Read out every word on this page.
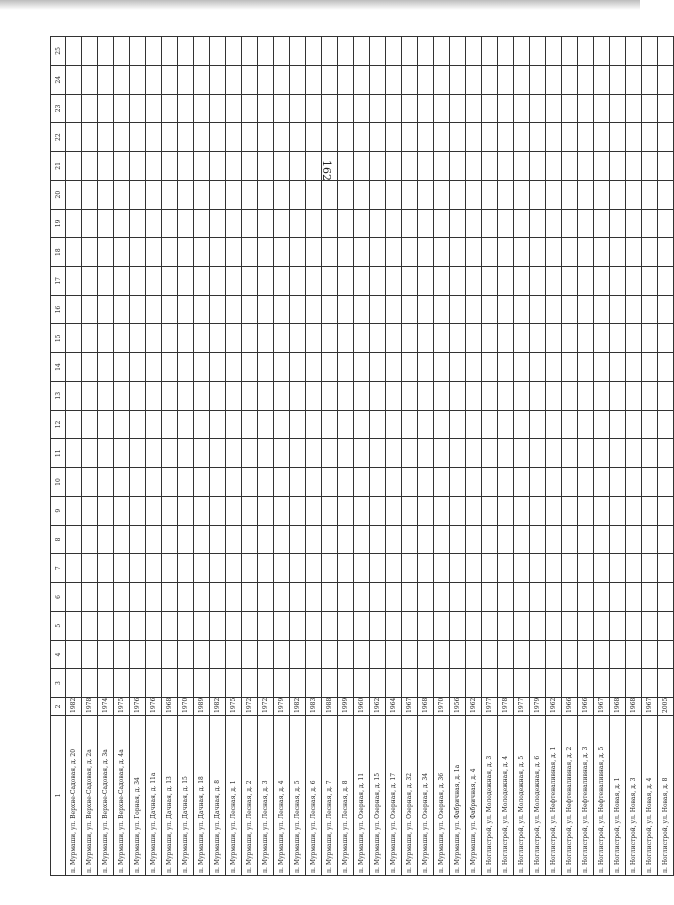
162
1	2	3	4	5	6	7	8	9	10	11	12	13	14	15	16	17	18	19	20	21	22	23	24	25
п. Мурмаши, ул. Верхне-Садовая, д. 20	1982																							
п. Мурмаши, ул. Верхне-Садовая, д. 2а	1978																							
п. Мурмаши, ул. Верхне-Садовая, д. 3а	1974																							
п. Мурмаши, ул. Верхне-Садовая, д. 4а	1975																							
п. Мурмаши, ул. Горная, д. 34	1976																							
п. Мурмаши, ул. Дачная, д. 11а	1976																							
п. Мурмаши, ул. Дачная, д. 13	1968																							
п. Мурмаши, ул. Дачная, д. 15	1970																							
п. Мурмаши, ул. Дачная, д. 18	1989																							
п. Мурмаши, ул. Дачная, д. 8	1982																							
п. Мурмаши, ул. Лесная, д. 1	1975																							
п. Мурмаши, ул. Лесная, д. 2	1972																							
п. Мурмаши, ул. Лесная, д. 3	1972																							
п. Мурмаши, ул. Лесная, д. 4	1979																							
п. Мурмаши, ул. Лесная, д. 5	1982																							
п. Мурмаши, ул. Лесная, д. 6	1983																							
п. Мурмаши, ул. Лесная, д. 7	1988																							
п. Мурмаши, ул. Лесная, д. 8	1999																							
п. Мурмаши, ул. Озерная, д. 11	1960																							
п. Мурмаши, ул. Озерная, д. 15	1962																							
п. Мурмаши, ул. Озерная, д. 17	1964																							
п. Мурмаши, ул. Озерная, д. 32	1967																							
п. Мурмаши, ул. Озерная, д. 34	1968																							
п. Мурмаши, ул. Озерная, д. 36	1970																							
п. Мурмаши, ул. Фабричная, д. 1а	1956																							
п. Мурмаши, ул. Фабричная, д. 4	1962																							
п. Ноглистрой, ул. Молодежная, д. 3	1977																							
п. Ноглистрой, ул. Молодежная, д. 4	1978																							
п. Ноглистрой, ул. Молодежная, д. 5	1977																							
п. Ноглистрой, ул. Молодежная, д. 6	1979																							
п. Ноглистрой, ул. Нефтеналивная, д. 1	1962																							
п. Ноглистрой, ул. Нефтеналивная, д. 2	1966																							
п. Ноглистрой, ул. Нефтеналивная, д. 3	1966																							
п. Ноглистрой, ул. Нефтеналивная, д. 5	1967																							
п. Ноглистрой, ул. Новая, д. 1	1968																							
п. Ноглистрой, ул. Новая, д. 3	1968																							
п. Ноглистрой, ул. Новая, д. 4	1967																							
п. Ноглистрой, ул. Новая, д. 8	2005																							
